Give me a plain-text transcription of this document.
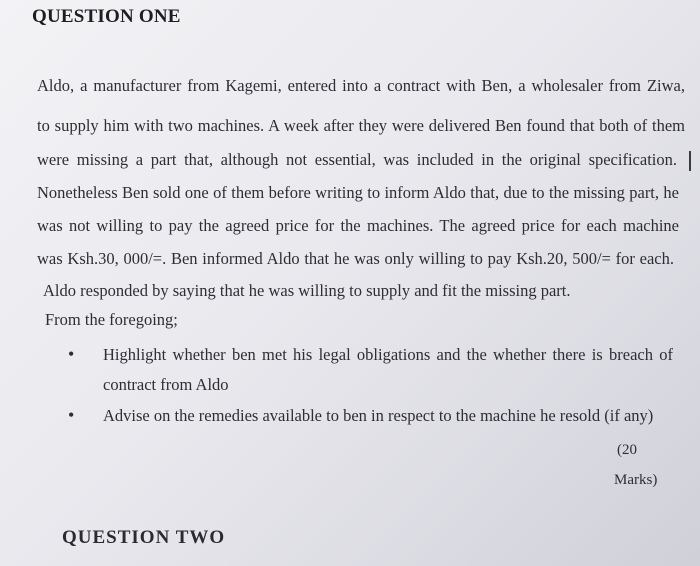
QUESTION ONE
Aldo, a manufacturer from Kagemi, entered into a contract with Ben, a wholesaler from Ziwa,
to supply him with two machines. A week after they were delivered Ben found that both of them
were missing a part that, although not essential, was included in the original specification.
Nonetheless Ben sold one of them before writing to inform Aldo that, due to the missing part, he
was not willing to pay the agreed price for the machines. The agreed price for each machine
was Ksh.30, 000/=. Ben informed Aldo that he was only willing to pay Ksh.20, 500/= for each.
Aldo responded by saying that he was willing to supply and fit the missing part.
From the foregoing;
• Highlight whether ben met his legal obligations and the whether there is breach of
contract from Aldo
• Advise on the remedies available to ben in respect to the machine he resold (if any)
(20
Marks)
QUESTION TWO
